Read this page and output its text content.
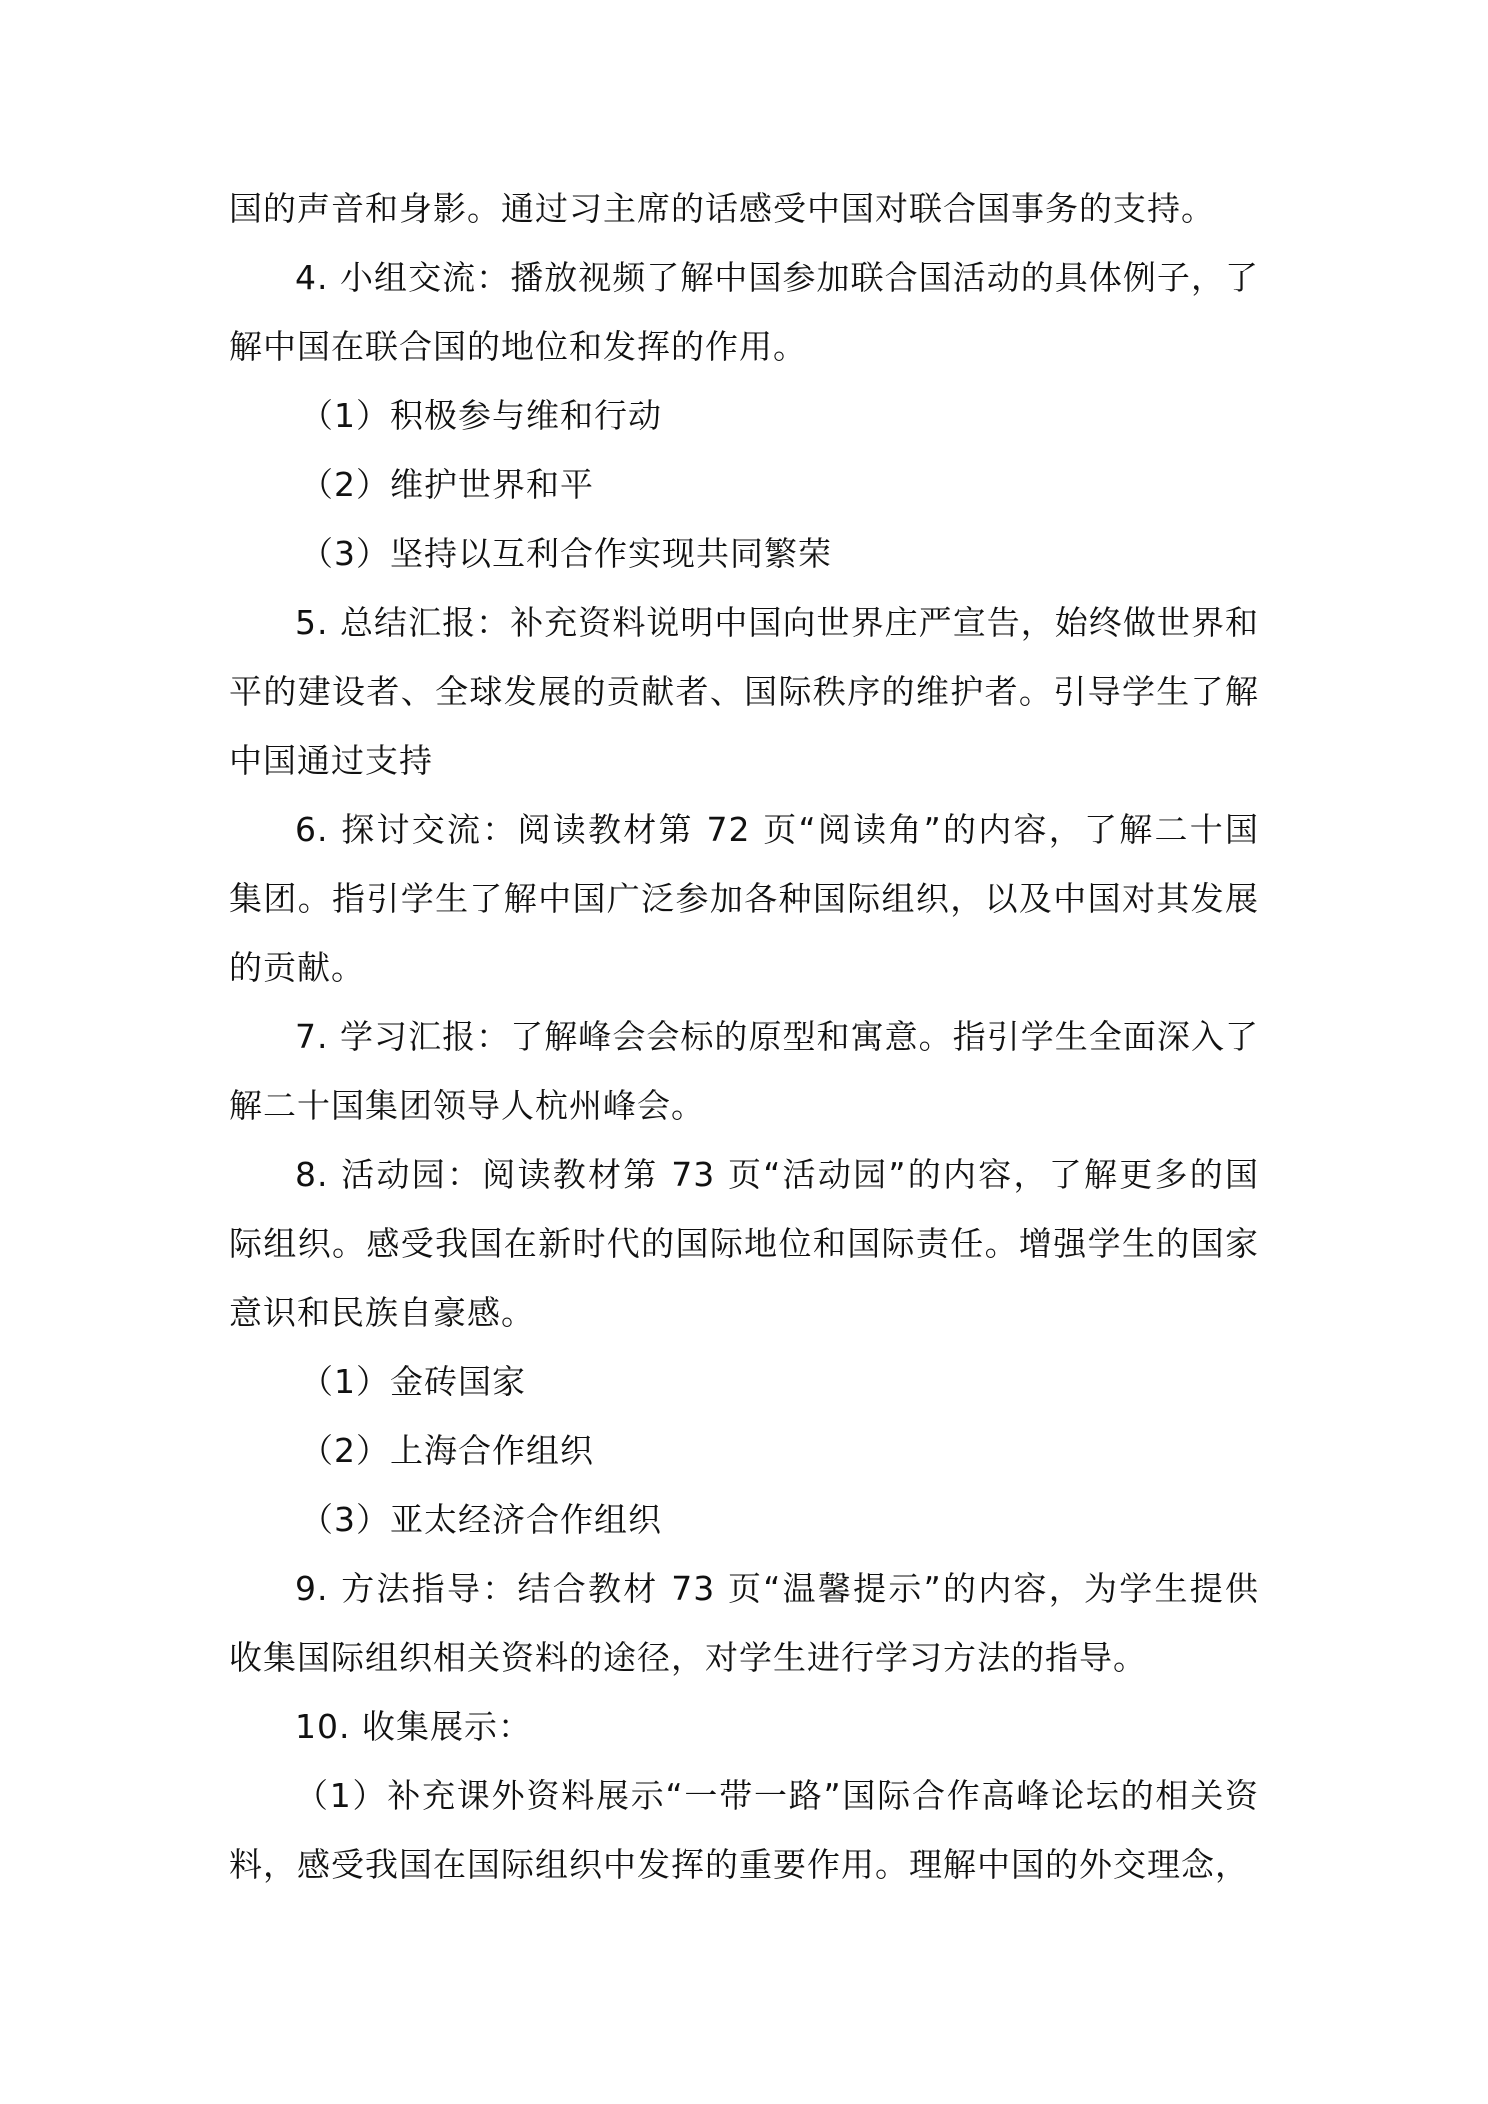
国的声音和身影。通过习主席的话感受中国对联合国事务的支持。

4. 小组交流：播放视频了解中国参加联合国活动的具体例子，了解中国在联合国的地位和发挥的作用。

（1）积极参与维和行动

（2）维护世界和平

（3）坚持以互利合作实现共同繁荣

5. 总结汇报：补充资料说明中国向世界庄严宣告，始终做世界和平的建设者、全球发展的贡献者、国际秩序的维护者。引导学生了解中国通过支持

6. 探讨交流：阅读教材第 72 页“阅读角”的内容，了解二十国集团。指引学生了解中国广泛参加各种国际组织，以及中国对其发展的贡献。

7. 学习汇报：了解峰会会标的原型和寓意。指引学生全面深入了解二十国集团领导人杭州峰会。

8. 活动园：阅读教材第 73 页“活动园”的内容，了解更多的国际组织。感受我国在新时代的国际地位和国际责任。增强学生的国家意识和民族自豪感。

（1）金砖国家

（2）上海合作组织

（3）亚太经济合作组织

9. 方法指导：结合教材 73 页“温馨提示”的内容，为学生提供收集国际组织相关资料的途径，对学生进行学习方法的指导。

10. 收集展示：

（1）补充课外资料展示“一带一路”国际合作高峰论坛的相关资料，感受我国在国际组织中发挥的重要作用。理解中国的外交理念，
